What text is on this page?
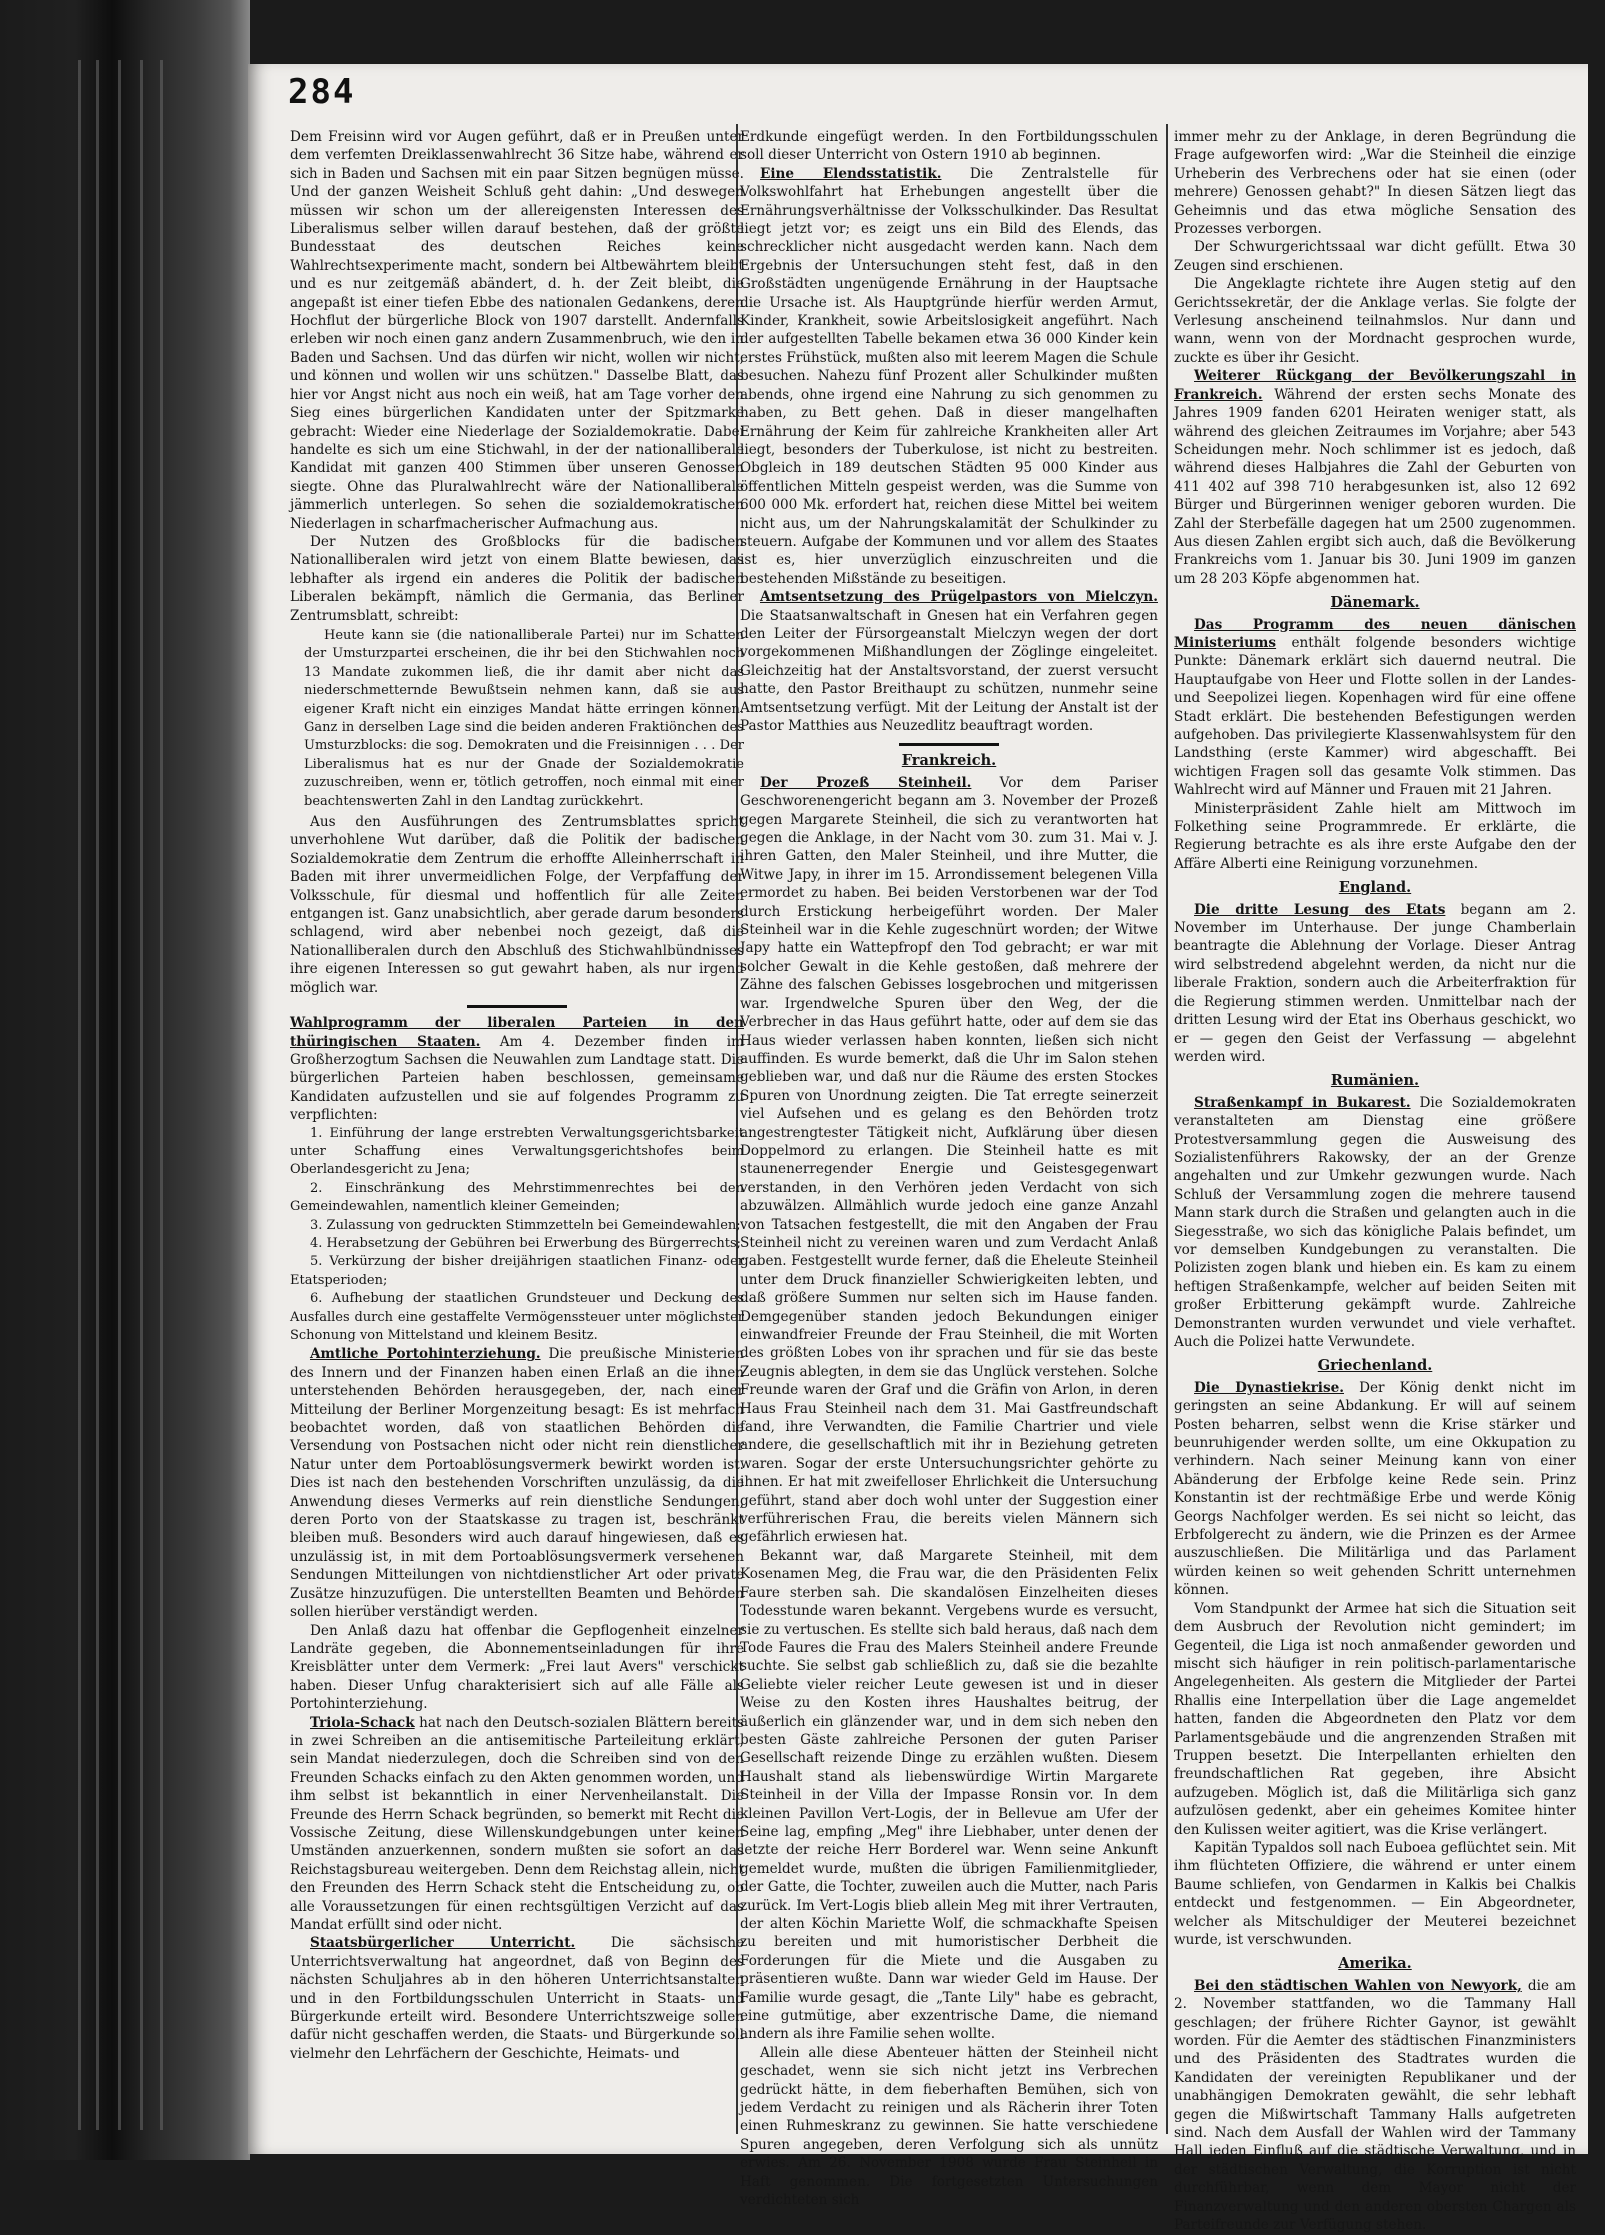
284

Dem Freisinn wird vor Augen geführt, daß er in Preußen unter dem verfemten Dreiklassenwahlrecht 36 Sitze habe, während er sich in Baden und Sachsen mit ein paar Sitzen begnügen müsse. Und der ganzen Weisheit Schluß geht dahin: „Und deswegen müssen wir schon um der allereigensten Interessen des Liberalismus selber willen darauf bestehen, daß der größte Bundesstaat des deutschen Reiches keine Wahlrechtsexperimente macht, sondern bei Altbewährtem bleibt und es nur zeitgemäß abändert, d. h. der Zeit bleibt, die angepaßt ist einer tiefen Ebbe des nationalen Gedankens, deren Hochflut der bürgerliche Block von 1907 darstellt. Andernfalls erleben wir noch einen ganz andern Zusammenbruch, wie den in Baden und Sachsen. Und das dürfen wir nicht, wollen wir nicht, und können und wollen wir uns schützen." Dasselbe Blatt, das hier vor Angst nicht aus noch ein weiß, hat am Tage vorher den Sieg eines bürgerlichen Kandidaten unter der Spitzmarke gebracht: Wieder eine Niederlage der Sozialdemokratie. Dabei handelte es sich um eine Stichwahl, in der der nationalliberale Kandidat mit ganzen 400 Stimmen über unseren Genossen siegte. Ohne das Pluralwahlrecht wäre der Nationalliberale jämmerlich unterlegen. So sehen die sozialdemokratischen Niederlagen in scharfmacherischer Aufmachung aus.

Der Nutzen des Großblocks für die badischen Nationalliberalen wird jetzt von einem Blatte bewiesen, das lebhafter als irgend ein anderes die Politik der badischen Liberalen bekämpft, nämlich die Germania, das Berliner Zentrumsblatt, schreibt:

Heute kann sie (die nationalliberale Partei) nur im Schatten der Umsturzpartei erscheinen, die ihr bei den Stichwahlen noch 13 Mandate zukommen ließ, die ihr damit aber nicht das niederschmetternde Bewußtsein nehmen kann, daß sie aus eigener Kraft nicht ein einziges Mandat hätte erringen können. Ganz in derselben Lage sind die beiden anderen Fraktiönchen des Umsturzblocks: die sog. Demokraten und die Freisinnigen . . . Der Liberalismus hat es nur der Gnade der Sozialdemokratie zuzuschreiben, wenn er, tötlich getroffen, noch einmal mit einer beachtenswerten Zahl in den Landtag zurückkehrt.

Aus den Ausführungen des Zentrumsblattes spricht unverhohlene Wut darüber, daß die Politik der badischen Sozialdemokratie dem Zentrum die erhoffte Alleinherrschaft in Baden mit ihrer unvermeidlichen Folge, der Verpfaffung der Volksschule, für diesmal und hoffentlich für alle Zeiten entgangen ist. Ganz unabsichtlich, aber gerade darum besonders schlagend, wird aber nebenbei noch gezeigt, daß die Nationalliberalen durch den Abschluß des Stichwahlbündnisses ihre eigenen Interessen so gut gewahrt haben, als nur irgend möglich war.

Wahlprogramm der liberalen Parteien in den thüringischen Staaten. Am 4. Dezember finden im Großherzogtum Sachsen die Neuwahlen zum Landtage statt. Die bürgerlichen Parteien haben beschlossen, gemeinsame Kandidaten aufzustellen und sie auf folgendes Programm zu verpflichten:

1. Einführung der lange erstrebten Verwaltungsgerichtsbarkeit unter Schaffung eines Verwaltungsgerichtshofes beim Oberlandesgericht zu Jena;

2. Einschränkung des Mehrstimmenrechtes bei den Gemeindewahlen, namentlich kleiner Gemeinden;

3. Zulassung von gedruckten Stimmzetteln bei Gemeindewahlen;

4. Herabsetzung der Gebühren bei Erwerbung des Bürgerrechts;

5. Verkürzung der bisher dreijährigen staatlichen Finanz- oder Etatsperioden;

6. Aufhebung der staatlichen Grundsteuer und Deckung des Ausfalles durch eine gestaffelte Vermögenssteuer unter möglichster Schonung von Mittelstand und kleinem Besitz.

Amtliche Portohinterziehung. Die preußische Ministerien des Innern und der Finanzen haben einen Erlaß an die ihnen unterstehenden Behörden herausgegeben, der, nach einer Mitteilung der Berliner Morgenzeitung besagt: Es ist mehrfach beobachtet worden, daß von staatlichen Behörden die Versendung von Postsachen nicht oder nicht rein dienstlicher Natur unter dem Portoablösungsvermerk bewirkt worden ist. Dies ist nach den bestehenden Vorschriften unzulässig, da die Anwendung dieses Vermerks auf rein dienstliche Sendungen, deren Porto von der Staatskasse zu tragen ist, beschränkt bleiben muß. Besonders wird auch darauf hingewiesen, daß es unzulässig ist, in mit dem Portoablösungsvermerk versehenen Sendungen Mitteilungen von nichtdienstlicher Art oder private Zusätze hinzuzufügen. Die unterstellten Beamten und Behörden sollen hierüber verständigt werden.

Den Anlaß dazu hat offenbar die Gepflogenheit einzelner Landräte gegeben, die Abonnementseinladungen für ihre Kreisblätter unter dem Vermerk: „Frei laut Avers" verschickt haben. Dieser Unfug charakterisiert sich auf alle Fälle als Portohinterziehung.

Triola-Schack hat nach den Deutsch-sozialen Blättern bereits in zwei Schreiben an die antisemitische Parteileitung erklärt, sein Mandat niederzulegen, doch die Schreiben sind von den Freunden Schacks einfach zu den Akten genommen worden, und ihm selbst ist bekanntlich in einer Nervenheilanstalt. Die Freunde des Herrn Schack begründen, so bemerkt mit Recht die Vossische Zeitung, diese Willenskundgebungen unter keinen Umständen anzuerkennen, sondern mußten sie sofort an das Reichstagsbureau weitergeben. Denn dem Reichstag allein, nicht den Freunden des Herrn Schack steht die Entscheidung zu, ob alle Voraussetzungen für einen rechtsgültigen Verzicht auf das Mandat erfüllt sind oder nicht.

Staatsbürgerlicher Unterricht.	Die sächsische Unterrichtsverwaltung hat angeordnet, daß von Beginn des nächsten Schuljahres ab in den höheren Unterrichtsanstalten und in den Fortbildungsschulen Unterricht in Staats- und Bürgerkunde erteilt wird. Besondere Unterrichtszweige sollen dafür nicht geschaffen werden, die Staats- und Bürgerkunde soll vielmehr den Lehrfächern der Geschichte, Heimats- und

Erdkunde eingefügt werden. In den Fortbildungsschulen soll dieser Unterricht von Ostern 1910 ab beginnen.

Eine Elendsstatistik. Die Zentralstelle für Volkswohlfahrt hat Erhebungen angestellt über die Ernährungsverhältnisse der Volksschulkinder. Das Resultat liegt jetzt vor; es zeigt uns ein Bild des Elends, das schrecklicher nicht ausgedacht werden kann. Nach dem Ergebnis der Untersuchungen steht fest, daß in den Großstädten ungenügende Ernährung in der Hauptsache die Ursache ist. Als Hauptgründe hierfür werden Armut, Kinder, Krankheit, sowie Arbeitslosigkeit angeführt. Nach der aufgestellten Tabelle bekamen etwa 36 000 Kinder kein erstes Frühstück, mußten also mit leerem Magen die Schule besuchen. Nahezu fünf Prozent aller Schulkinder mußten abends, ohne irgend eine Nahrung zu sich genommen zu haben, zu Bett gehen. Daß in dieser mangelhaften Ernährung der Keim für zahlreiche Krankheiten aller Art liegt, besonders der Tuberkulose, ist nicht zu bestreiten. Obgleich in 189 deutschen Städten 95 000 Kinder aus öffentlichen Mitteln gespeist werden, was die Summe von 600 000 Mk. erfordert hat, reichen diese Mittel bei weitem nicht aus, um der Nahrungskalamität der Schulkinder zu steuern. Aufgabe der Kommunen und vor allem des Staates ist es, hier unverzüglich einzuschreiten und die bestehenden Mißstände zu beseitigen.

Amtsentsetzung des Prügelpastors von Mielczyn. Die Staatsanwaltschaft in Gnesen hat ein Verfahren gegen den Leiter der Fürsorgeanstalt Mielczyn wegen der dort vorgekommenen Mißhandlungen der Zöglinge eingeleitet. Gleichzeitig hat der Anstaltsvorstand, der zuerst versucht hatte, den Pastor Breithaupt zu schützen, nunmehr seine Amtsentsetzung verfügt. Mit der Leitung der Anstalt ist der Pastor Matthies aus Neuzedlitz beauftragt worden.

Frankreich.

Der Prozeß Steinheil. Vor dem Pariser Geschworenengericht begann am 3. November der Prozeß gegen Margarete Steinheil, die sich zu verantworten hat gegen die Anklage, in der Nacht vom 30. zum 31. Mai v. J. ihren Gatten, den Maler Steinheil, und ihre Mutter, die Witwe Japy, in ihrer im 15. Arrondissement belegenen Villa ermordet zu haben. Bei beiden Verstorbenen war der Tod durch Erstickung herbeigeführt worden. Der Maler Steinheil war in die Kehle zugeschnürt worden; der Witwe Japy hatte ein Wattepfropf den Tod gebracht; er war mit solcher Gewalt in die Kehle gestoßen, daß mehrere der Zähne des falschen Gebisses losgebrochen und mitgerissen war. Irgendwelche Spuren über den Weg, der die Verbrecher in das Haus geführt hatte, oder auf dem sie das Haus wieder verlassen haben konnten, ließen sich nicht auffinden. Es wurde bemerkt, daß die Uhr im Salon stehen geblieben war, und daß nur die Räume des ersten Stockes Spuren von Unordnung zeigten. Die Tat erregte seinerzeit viel Aufsehen und es gelang es den Behörden trotz angestrengtester Tätigkeit nicht, Aufklärung über diesen Doppelmord zu erlangen. Die Steinheil hatte es mit staunenerregender Energie und Geistesgegenwart verstanden, in den Verhören jeden Verdacht von sich abzuwälzen. Allmählich wurde jedoch eine ganze Anzahl von Tatsachen festgestellt, die mit den Angaben der Frau Steinheil nicht zu vereinen waren und zum Verdacht Anlaß gaben. Festgestellt wurde ferner, daß die Eheleute Steinheil unter dem Druck finanzieller Schwierigkeiten lebten, und daß größere Summen nur selten sich im Hause fanden. Demgegenüber standen jedoch Bekundungen einiger einwandfreier Freunde der Frau Steinheil, die mit Worten des größten Lobes von ihr sprachen und für sie das beste Zeugnis ablegten, in dem sie das Unglück verstehen. Solche Freunde waren der Graf und die Gräfin von Arlon, in deren Haus Frau Steinheil nach dem 31. Mai Gastfreundschaft fand, ihre Verwandten, die Familie Chartrier und viele andere, die gesellschaftlich mit ihr in Beziehung getreten waren. Sogar der erste Untersuchungsrichter gehörte zu ihnen. Er hat mit zweifelloser Ehrlichkeit die Untersuchung geführt, stand aber doch wohl unter der Suggestion einer verführerischen Frau, die bereits vielen Männern sich gefährlich erwiesen hat.

Bekannt war, daß Margarete Steinheil, mit dem Kosenamen Meg, die Frau war, die den Präsidenten Felix Faure sterben sah. Die skandalösen Einzelheiten dieses Todesstunde waren bekannt. Vergebens wurde es versucht, sie zu vertuschen. Es stellte sich bald heraus, daß nach dem Tode Faures die Frau des Malers Steinheil andere Freunde suchte. Sie selbst gab schließlich zu, daß sie die bezahlte Geliebte vieler reicher Leute gewesen ist und in dieser Weise zu den Kosten ihres Haushaltes beitrug, der äußerlich ein glänzender war, und in dem sich neben den besten Gäste zahlreiche Personen der guten Pariser Gesellschaft reizende Dinge zu erzählen wußten. Diesem Haushalt stand als liebenswürdige Wirtin Margarete Steinheil in der Villa der Impasse Ronsin vor. In dem kleinen Pavillon Vert-Logis, der in Bellevue am Ufer der Seine lag, empfing „Meg" ihre Liebhaber, unter denen der letzte der reiche Herr Borderel war. Wenn seine Ankunft gemeldet wurde, mußten die übrigen Familienmitglieder, der Gatte, die Tochter, zuweilen auch die Mutter, nach Paris zurück. Im Vert-Logis blieb allein Meg mit ihrer Vertrauten, der alten Köchin Mariette Wolf, die schmackhafte Speisen zu bereiten und mit humoristischer Derbheit die Forderungen für die Miete und die Ausgaben zu präsentieren wußte. Dann war wieder Geld im Hause. Der Familie wurde gesagt, die „Tante Lily" habe es gebracht, eine gutmütige, aber exzentrische Dame, die niemand andern als ihre Familie sehen wollte.

Allein alle diese Abenteuer hätten der Steinheil nicht geschadet, wenn sie sich nicht jetzt ins Verbrechen gedrückt hätte, in dem fieberhaften Bemühen, sich von jedem Verdacht zu reinigen und als Rächerin ihrer Toten einen Ruhmeskranz zu gewinnen. Sie hatte verschiedene Spuren angegeben, deren Verfolgung sich als unnütz erwies. Am 26. November 1908 wurde Frau Steinheil in Haft genommen. Die fortgesetzten Untersuchungen verdichteten sich

immer mehr zu der Anklage, in deren Begründung die Frage aufgeworfen wird: „War die Steinheil die einzige Urheberin des Verbrechens oder hat sie einen (oder mehrere) Genossen gehabt?" In diesen Sätzen liegt das Geheimnis und das etwa mögliche Sensation des Prozesses verborgen.

Der Schwurgerichtssaal war dicht gefüllt. Etwa 30 Zeugen sind erschienen.

Die Angeklagte richtete ihre Augen stetig auf den Gerichtssekretär, der die Anklage verlas. Sie folgte der Verlesung anscheinend teilnahmslos. Nur dann und wann, wenn von der Mordnacht gesprochen wurde, zuckte es über ihr Gesicht.

Weiterer Rückgang der Bevölkerungszahl in Frankreich. Während der ersten sechs Monate des Jahres 1909 fanden 6201 Heiraten weniger statt, als während des gleichen Zeitraumes im Vorjahre; aber 543 Scheidungen mehr. Noch schlimmer ist es jedoch, daß während dieses Halbjahres die Zahl der Geburten von 411 402 auf 398 710 herabgesunken ist, also 12 692 Bürger und Bürgerinnen weniger geboren wurden. Die Zahl der Sterbefälle dagegen hat um 2500 zugenommen. Aus diesen Zahlen ergibt sich auch, daß die Bevölkerung Frankreichs vom 1. Januar bis 30. Juni 1909 im ganzen um 28 203 Köpfe abgenommen hat.

Dänemark.

Das Programm des neuen dänischen Ministeriums enthält folgende besonders wichtige Punkte: Dänemark erklärt sich dauernd neutral. Die Hauptaufgabe von Heer und Flotte sollen in der Landes- und Seepolizei liegen. Kopenhagen wird für eine offene Stadt erklärt. Die bestehenden Befestigungen werden aufgehoben. Das privilegierte Klassenwahlsystem für den Landsthing (erste Kammer) wird abgeschafft. Bei wichtigen Fragen soll das gesamte Volk stimmen. Das Wahlrecht wird auf Männer und Frauen mit 21 Jahren.

Ministerpräsident Zahle hielt am Mittwoch im Folkething seine Programmrede. Er erklärte, die Regierung betrachte es als ihre erste Aufgabe den der Affäre Alberti eine Reinigung vorzunehmen.

England.

Die dritte Lesung des Etats begann am 2. November im Unterhause. Der junge Chamberlain beantragte die Ablehnung der Vorlage. Dieser Antrag wird selbstredend abgelehnt werden, da nicht nur die liberale Fraktion, sondern auch die Arbeiterfraktion für die Regierung stimmen werden. Unmittelbar nach der dritten Lesung wird der Etat ins Oberhaus geschickt, wo er — gegen den Geist der Verfassung — abgelehnt werden wird.

Rumänien.

Straßenkampf in Bukarest. Die Sozialdemokraten veranstalteten am Dienstag eine größere Protestversammlung gegen die Ausweisung des Sozialistenführers Rakowsky, der an der Grenze angehalten und zur Umkehr gezwungen wurde. Nach Schluß der Versammlung zogen die mehrere tausend Mann stark durch die Straßen und gelangten auch in die Siegesstraße, wo sich das königliche Palais befindet, um vor demselben Kundgebungen zu veranstalten. Die Polizisten zogen blank und hieben ein. Es kam zu einem heftigen Straßenkampfe, welcher auf beiden Seiten mit großer Erbitterung gekämpft wurde. Zahlreiche Demonstranten wurden verwundet und viele verhaftet. Auch die Polizei hatte Verwundete.

Griechenland.

Die Dynastiekrise. Der König denkt nicht im geringsten an seine Abdankung. Er will auf seinem Posten beharren, selbst wenn die Krise stärker und beunruhigender werden sollte, um eine Okkupation zu verhindern. Nach seiner Meinung kann von einer Abänderung der Erbfolge keine Rede sein. Prinz Konstantin ist der rechtmäßige Erbe und werde König Georgs Nachfolger werden. Es sei nicht so leicht, das Erbfolgerecht zu ändern, wie die Prinzen es der Armee auszuschließen. Die Militärliga und das Parlament würden keinen so weit gehenden Schritt unternehmen können.

Vom Standpunkt der Armee hat sich die Situation seit dem Ausbruch der Revolution nicht gemindert; im Gegenteil, die Liga ist noch anmaßender geworden und mischt sich häufiger in rein politisch-parlamentarische Angelegenheiten. Als gestern die Mitglieder der Partei Rhallis eine Interpellation über die Lage angemeldet hatten, fanden die Abgeordneten den Platz vor dem Parlamentsgebäude und die angrenzenden Straßen mit Truppen besetzt. Die Interpellanten erhielten den freundschaftlichen Rat gegeben, ihre Absicht aufzugeben. Möglich ist, daß die Militärliga sich ganz aufzulösen gedenkt, aber ein geheimes Komitee hinter den Kulissen weiter agitiert, was die Krise verlängert.

Kapitän Typaldos soll nach Euboea geflüchtet sein. Mit ihm flüchteten Offiziere, die während er unter einem Baume schliefen, von Gendarmen in Kalkis bei Chalkis entdeckt und festgenommen. — Ein Abgeordneter, welcher als Mitschuldiger der Meuterei bezeichnet wurde, ist verschwunden.

Amerika.

Bei den städtischen Wahlen von Newyork, die am 2. November stattfanden, wo die Tammany Hall geschlagen; der frühere Richter Gaynor, ist gewählt worden. Für die Aemter des städtischen Finanzministers und des Präsidenten des Stadtrates wurden die Kandidaten der vereinigten Republikaner und der unabhängigen Demokraten gewählt, die sehr lebhaft gegen die Mißwirtschaft Tammany Halls aufgetreten sind. Nach dem Ausfall der Wahlen wird der Tammany Hall jeden Einfluß auf die städtische Verwaltung, und in der städtischen Verwaltung, die Korruption ist nicht durchführbar, wenn dem Mayor nicht der Finanzverwaltung und den anderen obersten Chargen als Parteifreunde zur Verfügung stehen.
